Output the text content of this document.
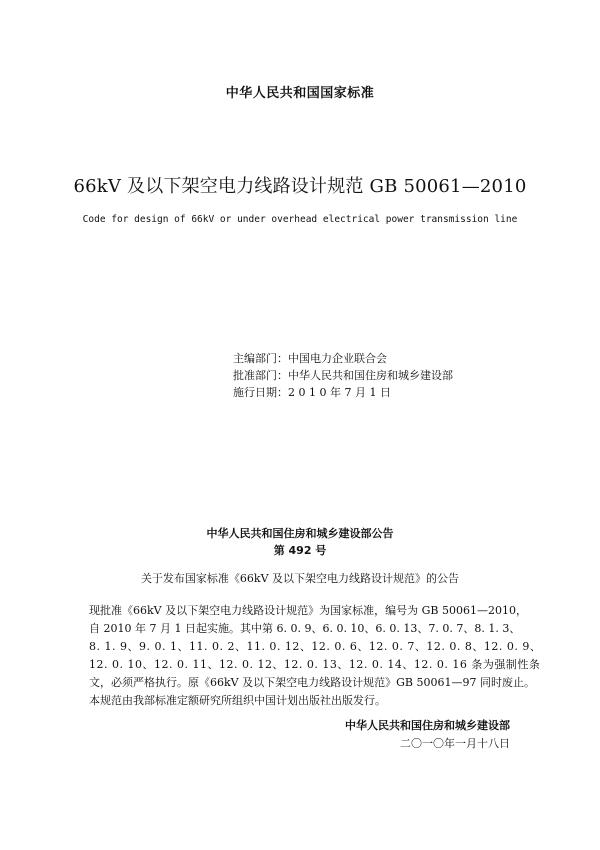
中华人民共和国国家标准
66kV 及以下架空电力线路设计规范 GB 50061—2010
Code for design of 66kV or under overhead electrical power transmission line
主编部门：中国电力企业联合会
批准部门：中华人民共和国住房和城乡建设部
施行日期：2 0 1 0 年 7 月 1 日
中华人民共和国住房和城乡建设部公告
第 492 号
关于发布国家标准《66kV 及以下架空电力线路设计规范》的公告
现批准《66kV 及以下架空电力线路设计规范》为国家标准，编号为 GB 50061—2010，
自 2010 年 7 月 1 日起实施。其中第 6. 0. 9、6. 0. 10、6. 0. 13、7. 0. 7、8. 1. 3、
8. 1. 9、9. 0. 1、11. 0. 2、11. 0. 12、12. 0. 6、12. 0. 7、12. 0. 8、12. 0. 9、
12. 0. 10、12. 0. 11、12. 0. 12、12. 0. 13、12. 0. 14、12. 0. 16 条为强制性条
文，必须严格执行。原《66kV 及以下架空电力线路设计规范》GB 50061—97 同时废止。
本规范由我部标准定额研究所组织中国计划出版社出版发行。
中华人民共和国住房和城乡建设部
二〇一〇年一月十八日
